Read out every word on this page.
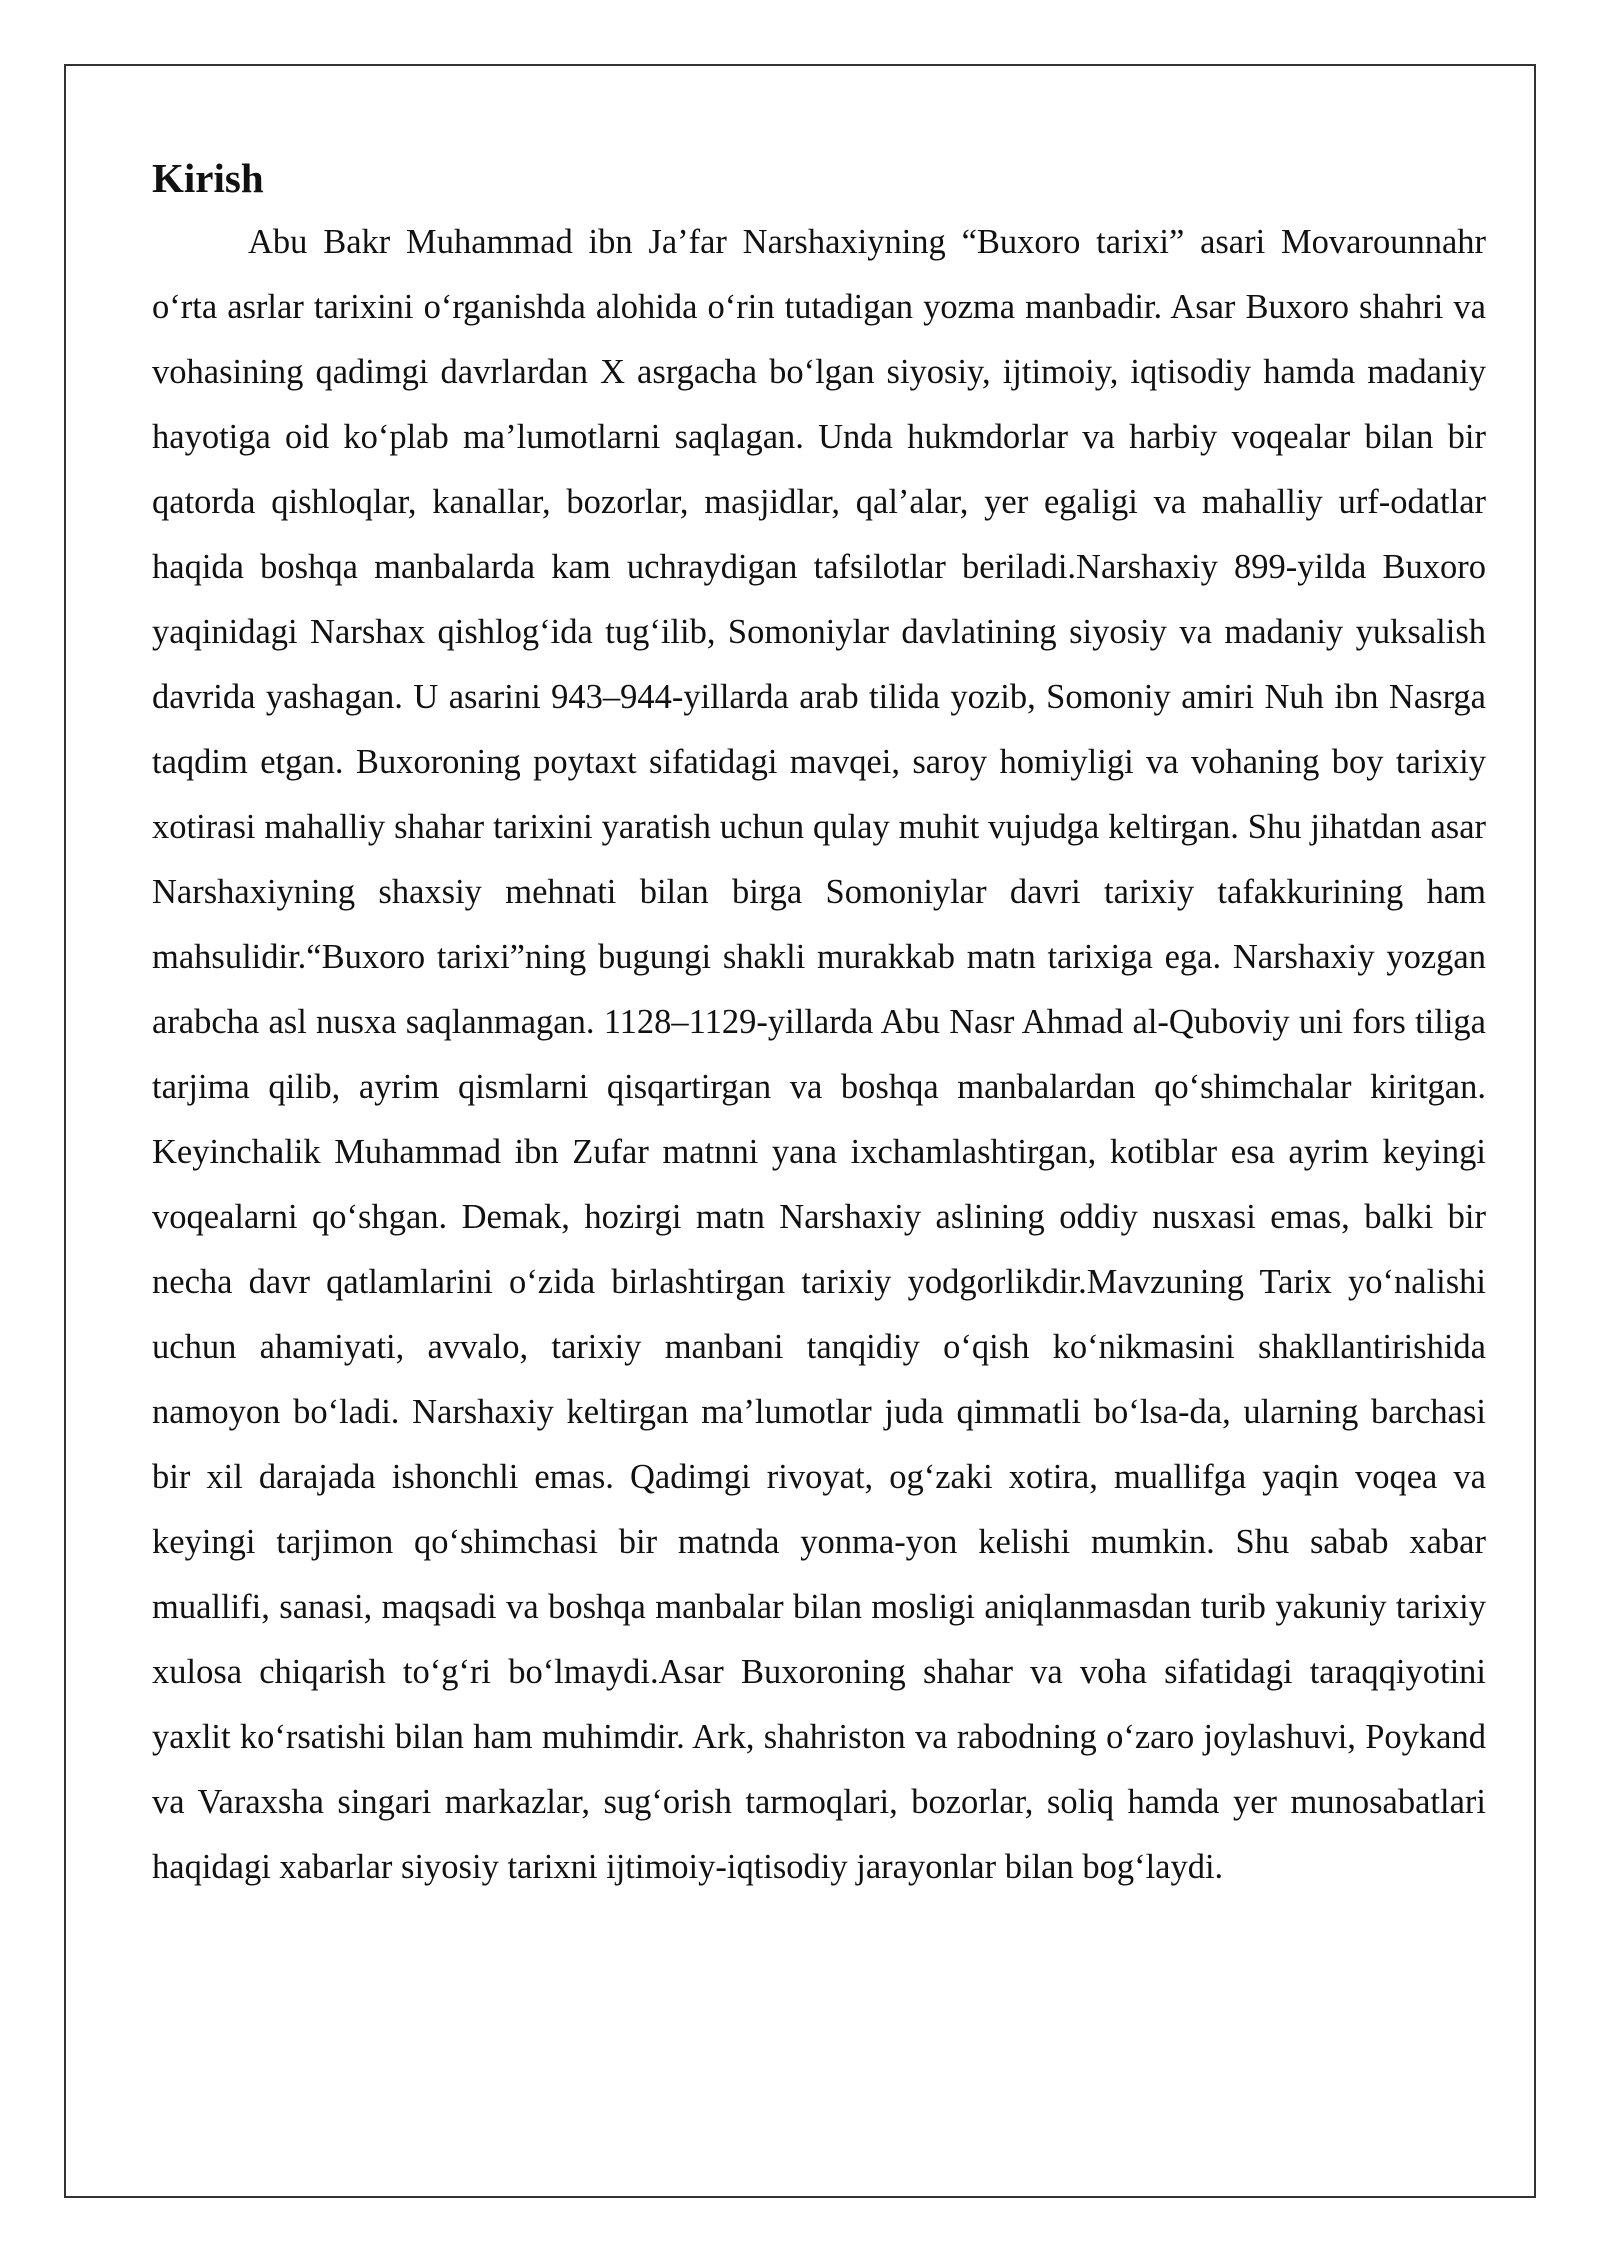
Kirish

Abu Bakr Muhammad ibn Ja’far Narshaxiyning “Buxoro tarixi” asari Movarounnahr o‘rta asrlar tarixini o‘rganishda alohida o‘rin tutadigan yozma manbadir. Asar Buxoro shahri va vohasining qadimgi davrlardan X asrgacha bo‘lgan siyosiy, ijtimoiy, iqtisodiy hamda madaniy hayotiga oid ko‘plab ma’lumotlarni saqlagan. Unda hukmdorlar va harbiy voqealar bilan bir qatorda qishloqlar, kanallar, bozorlar, masjidlar, qal’alar, yer egaligi va mahalliy urf-odatlar haqida boshqa manbalarda kam uchraydigan tafsilotlar beriladi.Narshaxiy 899-yilda Buxoro yaqinidagi Narshax qishlog‘ida tug‘ilib, Somoniylar davlatining siyosiy va madaniy yuksalish davrida yashagan. U asarini 943–944-yillarda arab tilida yozib, Somoniy amiri Nuh ibn Nasrga taqdim etgan. Buxoroning poytaxt sifatidagi mavqei, saroy homiyligi va vohaning boy tarixiy xotirasi mahalliy shahar tarixini yaratish uchun qulay muhit vujudga keltirgan. Shu jihatdan asar Narshaxiyning shaxsiy mehnati bilan birga Somoniylar davri tarixiy tafakkurining ham mahsulidir.“Buxoro tarixi”ning bugungi shakli murakkab matn tarixiga ega. Narshaxiy yozgan arabcha asl nusxa saqlanmagan. 1128–1129-yillarda Abu Nasr Ahmad al-Quboviy uni fors tiliga tarjima qilib, ayrim qismlarni qisqartirgan va boshqa manbalardan qo‘shimchalar kiritgan. Keyinchalik Muhammad ibn Zufar matnni yana ixchamlashtirgan, kotiblar esa ayrim keyingi voqealarni qo‘shgan. Demak, hozirgi matn Narshaxiy aslining oddiy nusxasi emas, balki bir necha davr qatlamlarini o‘zida birlashtirgan tarixiy yodgorlikdir.Mavzuning Tarix yo‘nalishi uchun ahamiyati, avvalo, tarixiy manbani tanqidiy o‘qish ko‘nikmasini shakllantirishida namoyon bo‘ladi. Narshaxiy keltirgan ma’lumotlar juda qimmatli bo‘lsa-da, ularning barchasi bir xil darajada ishonchli emas. Qadimgi rivoyat, og‘zaki xotira, muallifga yaqin voqea va keyingi tarjimon qo‘shimchasi bir matnda yonma-yon kelishi mumkin. Shu sabab xabar muallifi, sanasi, maqsadi va boshqa manbalar bilan mosligi aniqlanmasdan turib yakuniy tarixiy xulosa chiqarish to‘g‘ri bo‘lmaydi.Asar Buxoroning shahar va voha sifatidagi taraqqiyotini yaxlit ko‘rsatishi bilan ham muhimdir. Ark, shahriston va rabodning o‘zaro joylashuvi, Poykand va Varaxsha singari markazlar, sug‘orish tarmoqlari, bozorlar, soliq hamda yer munosabatlari haqidagi xabarlar siyosiy tarixni ijtimoiy-iqtisodiy jarayonlar bilan bog‘laydi.
